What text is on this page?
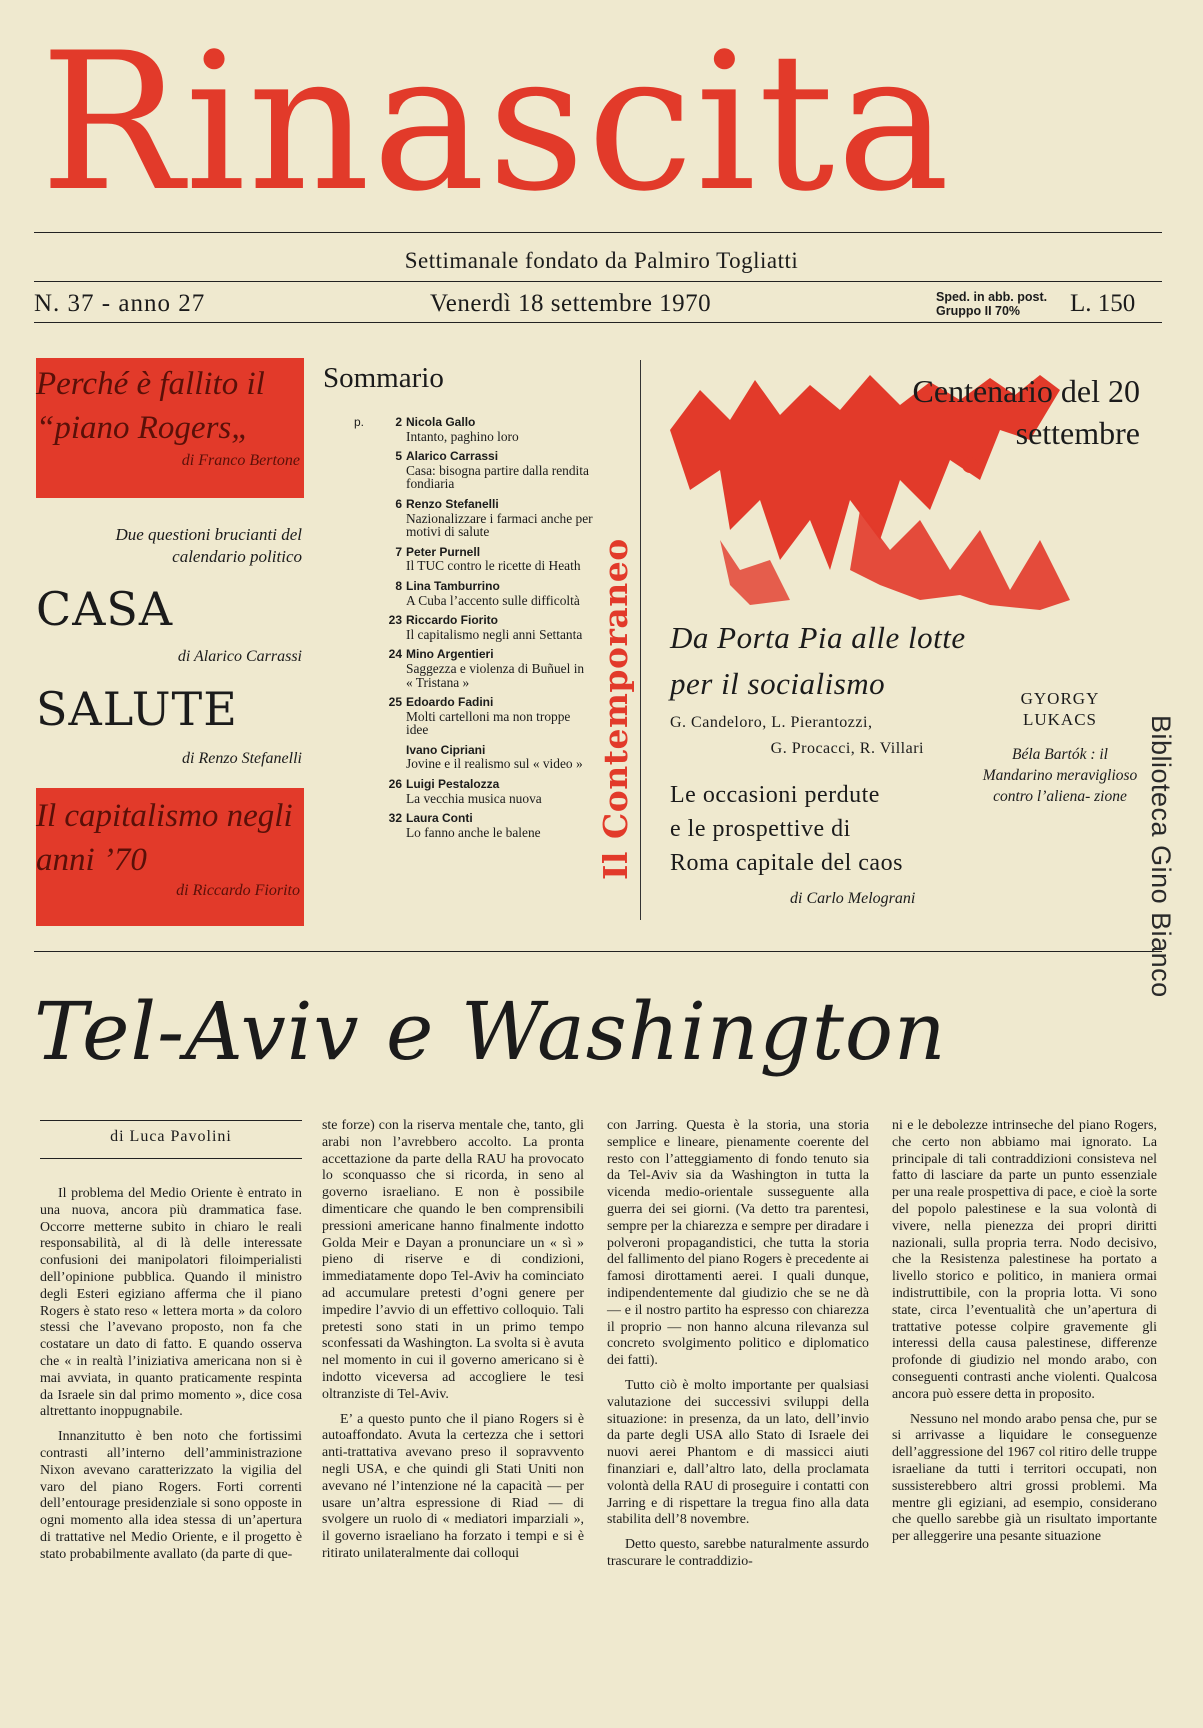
Rinascita
Settimanale fondato da Palmiro Togliatti
N. 37 - anno 27	Venerdì 18 settembre 1970	Sped. in abb. post.
Gruppo II 70%	L. 150
Perché è fallito il “piano Rogers„
di Franco Bertone
Due questioni brucianti del calendario politico
CASA
di Alarico Carrassi
SALUTE
di Renzo Stefanelli
Il capitalismo negli anni ’70
di Riccardo Fiorito
Sommario
p.	2 Nicola Gallo
Intanto, paghino loro
5 Alarico Carrassi
Casa: bisogna partire dalla rendita fondiaria
6 Renzo Stefanelli
Nazionalizzare i farmaci anche per motivi di salute
7 Peter Purnell
Il TUC contro le ricette di Heath
8 Lina Tamburrino
A Cuba l’accento sulle difficoltà
23 Riccardo Fiorito
Il capitalismo negli anni Settanta
24 Mino Argentieri
Saggezza e violenza di Buñuel in « Tristana »
25 Edoardo Fadini
Molti cartelloni ma non troppe idee
Ivano Cipriani
Jovine e il realismo sul « video »
26 Luigi Pestalozza
La vecchia musica nuova
32 Laura Conti
Lo fanno anche le balene	Il Contemporaneo
Centenario del 20 settembre
Da Porta Pia alle lotte
per il socialismo
G. Candeloro, L. Pierantozzi,
G. Procacci, R. Villari
Le occasioni perdute
e le prospettive di
Roma capitale del caos
di Carlo Melograni
GYORGY
LUKACS
Béla Bartók : il Mandarino meraviglioso contro l’aliena- zione Biblioteca Gino Bianco
Tel-Aviv e Washington
di Luca Pavolini

Il problema del Medio Oriente è entrato in una nuova, ancora più drammatica fase. Occorre metterne subito in chiaro le reali responsabilità, al di là delle interessate confusioni dei manipolatori filoimperialisti dell’opinione pubblica. Quando il ministro degli Esteri egiziano afferma che il piano Rogers è stato reso « lettera morta » da coloro stessi che l’avevano proposto, non fa che costatare un dato di fatto. E quando osserva che « in realtà l’iniziativa americana non si è mai avviata, in quanto praticamente respinta da Israele sin dal primo momento », dice cosa altrettanto inoppugnabile.

Innanzitutto è ben noto che fortissimi contrasti all’interno dell’amministrazione Nixon avevano caratterizzato la vigilia del varo del piano Rogers. Forti correnti dell’entourage presidenziale si sono opposte in ogni momento alla idea stessa di un’apertura di trattative nel Medio Oriente, e il progetto è stato probabilmente avallato (da parte di que-

ste forze) con la riserva mentale che, tanto, gli arabi non l’avrebbero accolto. La pronta accettazione da parte della RAU ha provocato lo sconquasso che si ricorda, in seno al governo israeliano. E non è possibile dimenticare che quando le ben comprensibili pressioni americane hanno finalmente indotto Golda Meir e Dayan a pronunciare un « sì » pieno di riserve e di condizioni, immediatamente dopo Tel-Aviv ha cominciato ad accumulare pretesti d’ogni genere per impedire l’avvio di un effettivo colloquio. Tali pretesti sono stati in un primo tempo sconfessati da Washington. La svolta si è avuta nel momento in cui il governo americano si è indotto viceversa ad accogliere le tesi oltranziste di Tel-Aviv.

E’ a questo punto che il piano Rogers si è autoaffondato. Avuta la certezza che i settori anti-trattativa avevano preso il sopravvento negli USA, e che quindi gli Stati Uniti non avevano né l’intenzione né la capacità — per usare un’altra espressione di Riad — di svolgere un ruolo di « mediatori imparziali », il governo israeliano ha forzato i tempi e si è ritirato unilateralmente dai colloqui

con Jarring. Questa è la storia, una storia semplice e lineare, pienamente coerente del resto con l’atteggiamento di fondo tenuto sia da Tel-Aviv sia da Washington in tutta la vicenda medio-orientale susseguente alla guerra dei sei giorni. (Va detto tra parentesi, sempre per la chiarezza e sempre per diradare i polveroni propagandistici, che tutta la storia del fallimento del piano Rogers è precedente ai famosi dirottamenti aerei. I quali dunque, indipendentemente dal giudizio che se ne dà — e il nostro partito ha espresso con chiarezza il proprio — non hanno alcuna rilevanza sul concreto svolgimento politico e diplomatico dei fatti).

Tutto ciò è molto importante per qualsiasi valutazione dei successivi sviluppi della situazione: in presenza, da un lato, dell’invio da parte degli USA allo Stato di Israele dei nuovi aerei Phantom e di massicci aiuti finanziari e, dall’altro lato, della proclamata volontà della RAU di proseguire i contatti con Jarring e di rispettare la tregua fino alla data stabilita dell’8 novembre.

Detto questo, sarebbe naturalmente assurdo trascurare le contraddizio-

ni e le debolezze intrinseche del piano Rogers, che certo non abbiamo mai ignorato. La principale di tali contraddizioni consisteva nel fatto di lasciare da parte un punto essenziale per una reale prospettiva di pace, e cioè la sorte del popolo palestinese e la sua volontà di vivere, nella pienezza dei propri diritti nazionali, sulla propria terra. Nodo decisivo, che la Resistenza palestinese ha portato a livello storico e politico, in maniera ormai indistruttibile, con la propria lotta. Vi sono state, circa l’eventualità che un’apertura di trattative potesse colpire gravemente gli interessi della causa palestinese, differenze profonde di giudizio nel mondo arabo, con conseguenti contrasti anche violenti. Qualcosa ancora può essere detta in proposito.

Nessuno nel mondo arabo pensa che, pur se si arrivasse a liquidare le conseguenze dell’aggressione del 1967 col ritiro delle truppe israeliane da tutti i territori occupati, non sussisterebbero altri grossi problemi. Ma mentre gli egiziani, ad esempio, considerano che quello sarebbe già un risultato importante per alleggerire una pesante situazione
